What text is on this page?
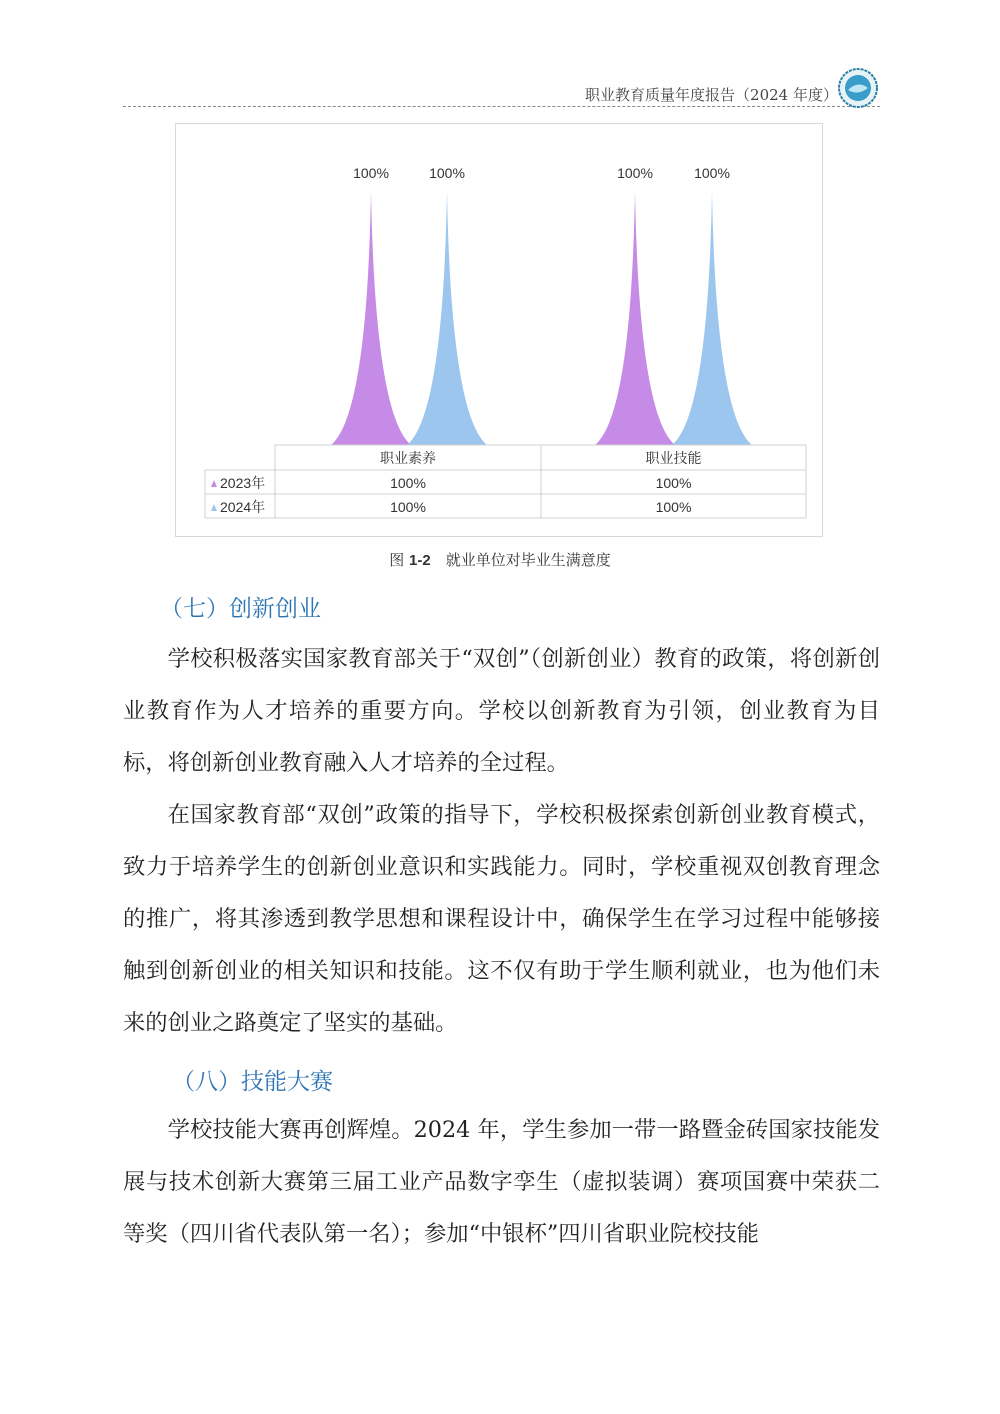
职业教育质量年度报告（2024 年度）
100%	100%	100%	100%
职业素养	职业技能
2023年	100%	100%
2024年	100%	100%
图 1-2　就业单位对毕业生满意度
（七）创新创业
学校积极落实国家教育部关于“双创”（创新创业）教育的政策，将创新创业教育作为人才培养的重要方向。学校以创新教育为引领，创业教育为目标，将创新创业教育融入人才培养的全过程。
在国家教育部“双创”政策的指导下，学校积极探索创新创业教育模式，致力于培养学生的创新创业意识和实践能力。同时，学校重视双创教育理念的推广，将其渗透到教学思想和课程设计中，确保学生在学习过程中能够接触到创新创业的相关知识和技能。这不仅有助于学生顺利就业，也为他们未来的创业之路奠定了坚实的基础。
（八）技能大赛
学校技能大赛再创辉煌。2024 年，学生参加一带一路暨金砖国家技能发展与技术创新大赛第三届工业产品数字孪生（虚拟装调）赛项国赛中荣获二等奖（四川省代表队第一名）；参加“中银杯”四川省职业院校技能
